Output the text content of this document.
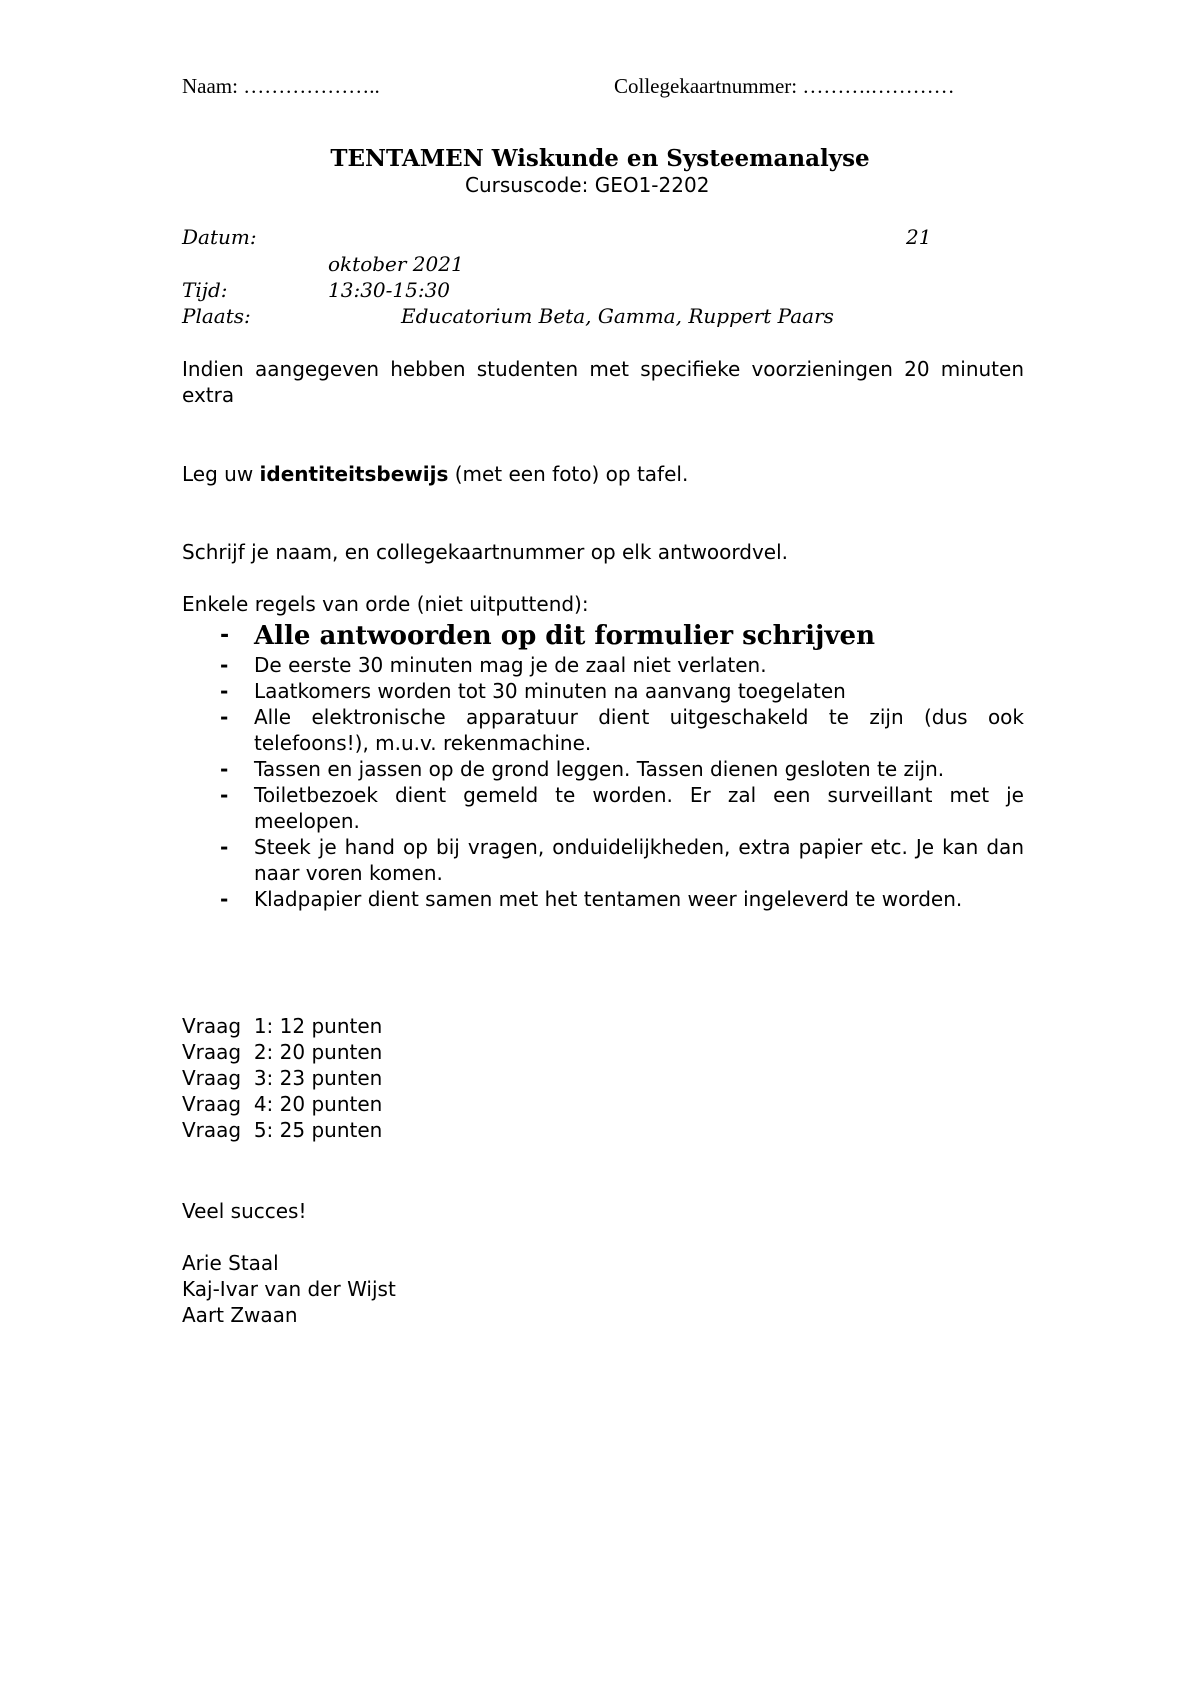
Naam: ………………..	Collegekaartnummer: ……….…………
TENTAMEN Wiskunde en Systeemanalyse
Cursuscode: GEO1-2202
Datum:	21
oktober 2021
Tijd:	13:30-15:30
Plaats:	Educatorium Beta, Gamma, Ruppert Paars
Indien aangegeven hebben studenten met specifieke voorzieningen 20 minuten extra
Leg uw identiteitsbewijs (met een foto) op tafel.
Schrijf je naam, en collegekaartnummer op elk antwoordvel.
Enkele regels van orde (niet uitputtend):
- Alle antwoorden op dit formulier schrijven
- De eerste 30 minuten mag je de zaal niet verlaten.
- Laatkomers worden tot 30 minuten na aanvang toegelaten
- Alle elektronische apparatuur dient uitgeschakeld te zijn (dus ook telefoons!), m.u.v. rekenmachine.
- Tassen en jassen op de grond leggen. Tassen dienen gesloten te zijn.
- Toiletbezoek dient gemeld te worden. Er zal een surveillant met je meelopen.
- Steek je hand op bij vragen, onduidelijkheden, extra papier etc. Je kan dan naar voren komen.
- Kladpapier dient samen met het tentamen weer ingeleverd te worden.
Vraag  1: 12 punten
Vraag  2: 20 punten
Vraag  3: 23 punten
Vraag  4: 20 punten
Vraag  5: 25 punten
Veel succes!
Arie Staal
Kaj-Ivar van der Wijst
Aart Zwaan
